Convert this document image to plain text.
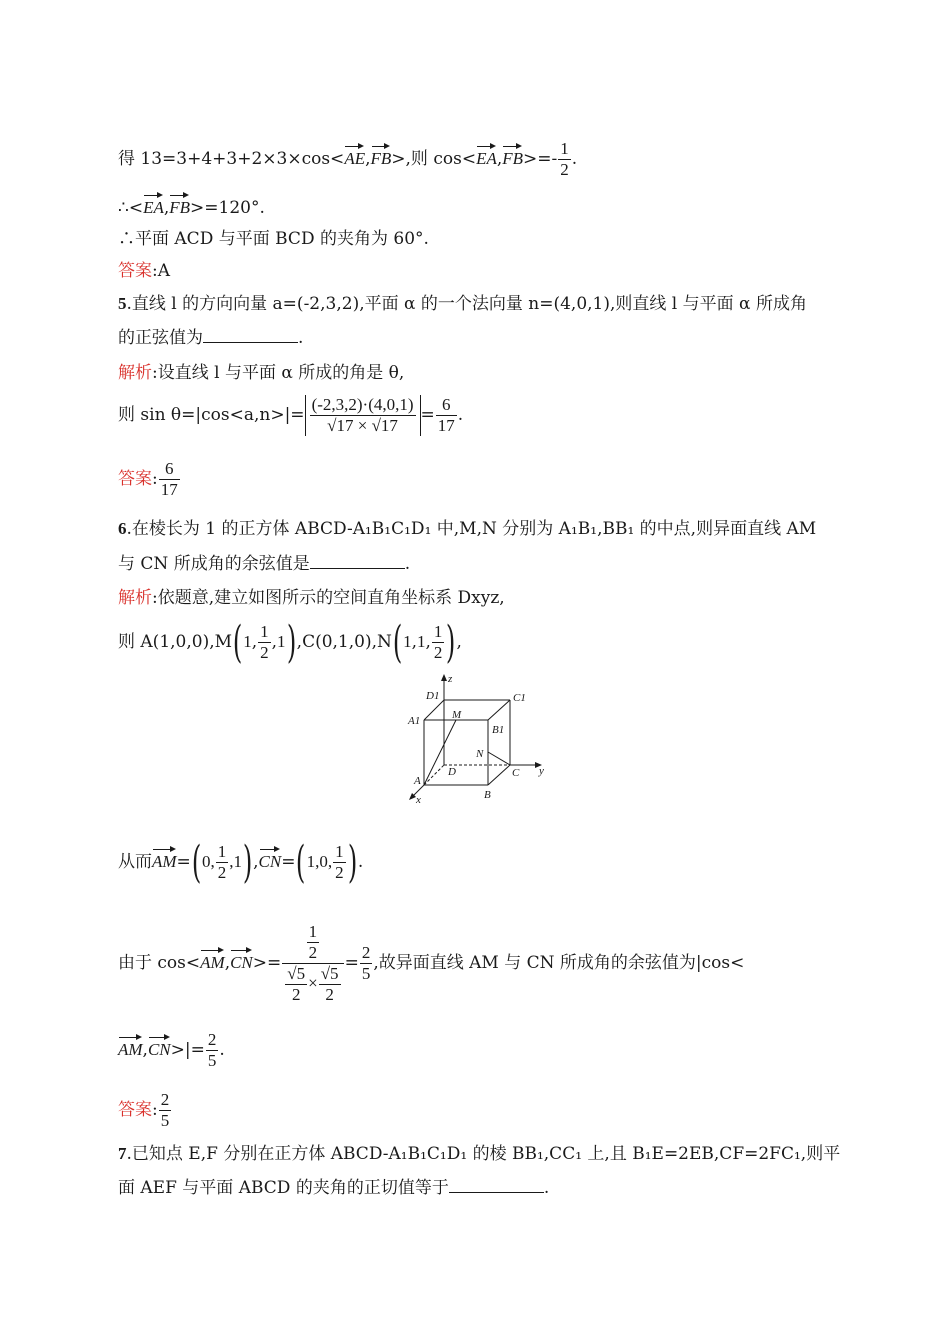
得 13=3+4+3+2×3×cos<AE,FB>,则 $\cos<EA,FB>=- \frac{1}{2}$ .
∴<EA,FB>=120°.
∴平面 ACD 与平面 BCD 的夹角为 60°.
答案:A
5.直线 l 的方向向量 a=(-2,3,2),平面 α 的一个法向量 n=(4,0,1),则直线 l 与平面 α 所成角
的正弦值为	.
解析:设直线 l 与平面 α 所成的角是 θ,
则 $\sin \theta=|\cos<a,n>|= \frac{(-2,3,2)\cdot(4,0,1)}{√17 \times √17} = \frac{6}{17}$ .
答案: $\frac{6}{17}$
6.在棱长为 1 的正方体 ABCD-A₁B₁C₁D₁ 中,M,N 分别为 A₁B₁,BB₁ 的中点,则异面直线 AM
与 CN 所成角的余弦值是	.
解析:依题意,建立如图所示的空间直角坐标系 Dxyz,
则 A(1,0,0),M(1, $\frac{1}{2} ,1),C(0,1,0),N(1,1$, $\frac{1}{2}$ ),
D1
z
C1
A1	M
B1
N
D	C y
A
B
x
从而AM=(0, $\frac{1}{2} ,1),CN=(1,0$, $\frac{1}{2}$ ).
由于 $\cos<AM,CN>= \frac{\frac{1}{2}}{\frac{√5}{2} \times \frac{√5}{2}} = \frac{2}{5}$ ,故异面直线 AM 与 CN 所成角的余弦值为|cos<
$AM,CN>|= \frac{2}{5}$ .
答案: $\frac{2}{5}$
7.已知点 E,F 分别在正方体 ABCD-A₁B₁C₁D₁ 的棱 BB₁,CC₁ 上,且 B₁E=2EB,CF=2FC₁,则平
面 AEF 与平面 ABCD 的夹角的正切值等于	.
